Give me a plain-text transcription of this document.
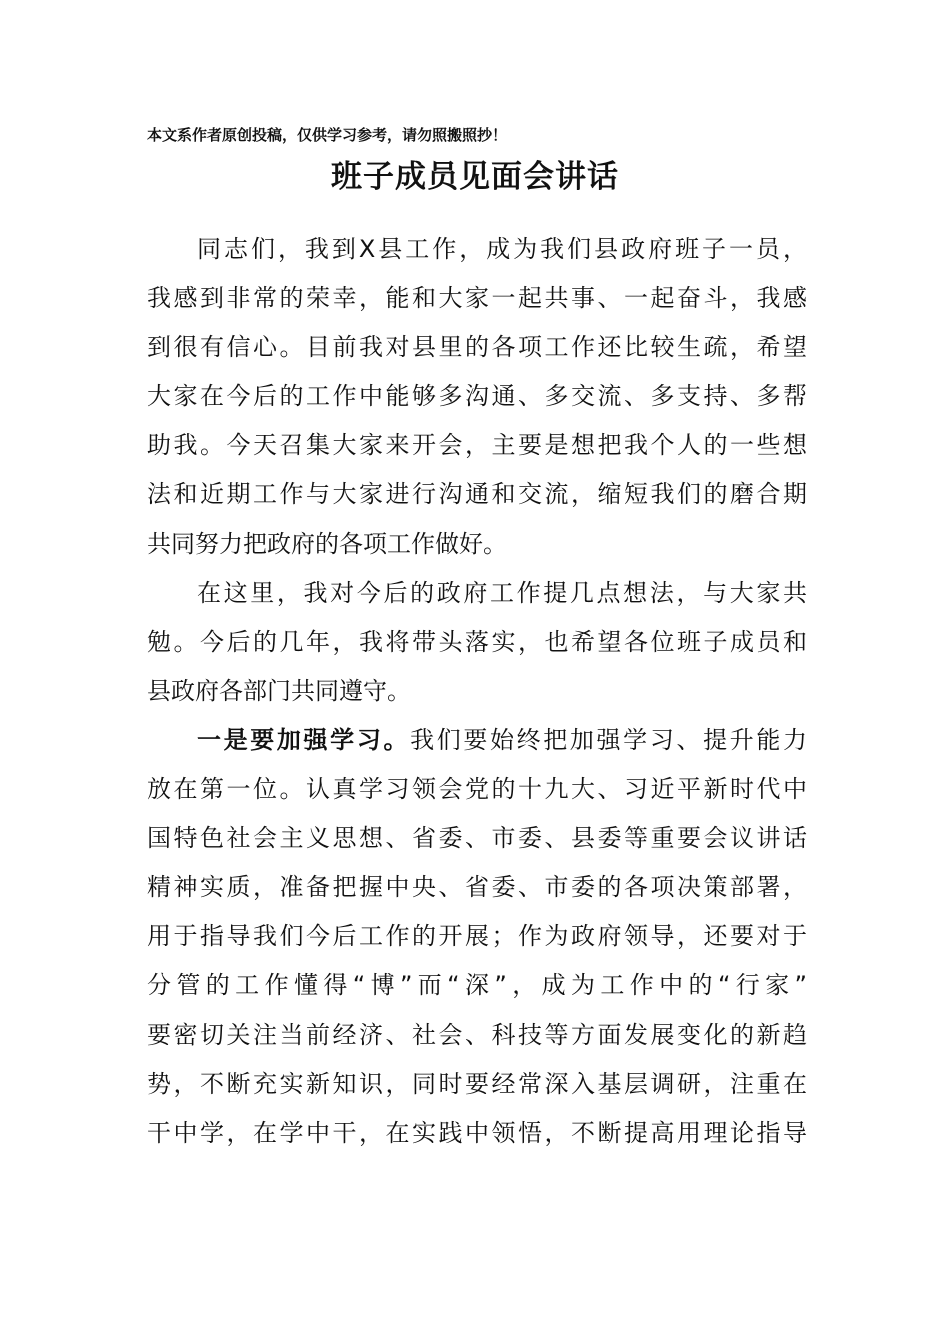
本文系作者原创投稿，仅供学习参考，请勿照搬照抄！
班子成员见面会讲话
同志们，我到X县工作，成为我们县政府班子一员，
我感到非常的荣幸，能和大家一起共事、一起奋斗，我感
到很有信心。目前我对县里的各项工作还比较生疏，希望
大家在今后的工作中能够多沟通、多交流、多支持、多帮
助我。今天召集大家来开会，主要是想把我个人的一些想
法和近期工作与大家进行沟通和交流，缩短我们的磨合期
共同努力把政府的各项工作做好。
在这里，我对今后的政府工作提几点想法，与大家共
勉。今后的几年，我将带头落实，也希望各位班子成员和
县政府各部门共同遵守。
一是要加强学习。我们要始终把加强学习、提升能力
放在第一位。认真学习领会党的十九大、习近平新时代中
国特色社会主义思想、省委、市委、县委等重要会议讲话
精神实质，准备把握中央、省委、市委的各项决策部署，
用于指导我们今后工作的开展；作为政府领导，还要对于
分管的工作懂得“博”而“深”，成为工作中的“行家”
要密切关注当前经济、社会、科技等方面发展变化的新趋
势，不断充实新知识，同时要经常深入基层调研，注重在
干中学，在学中干，在实践中领悟，不断提高用理论指导
